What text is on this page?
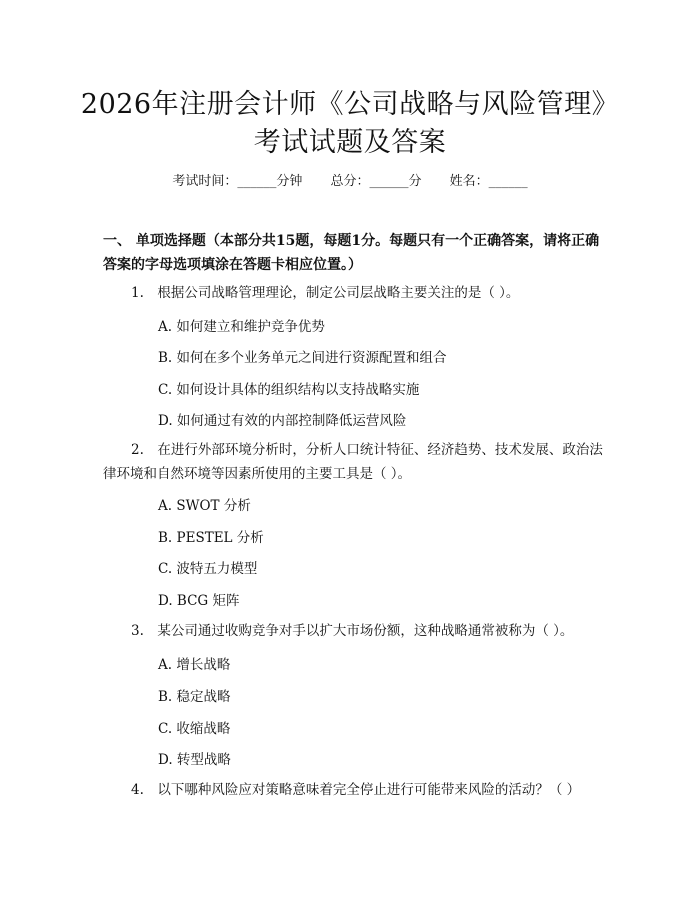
2026年注册会计师《公司战略与风险管理》
考试试题及答案
考试时间：______分钟 总分：______分 姓名：______
一、 单项选择题（本部分共15题，每题1分。每题只有一个正确答案，请将正确答案的字母选项填涂在答题卡相应位置。）
1.　根据公司战略管理理论，制定公司层战略主要关注的是（ ）。
A. 如何建立和维护竞争优势
B. 如何在多个业务单元之间进行资源配置和组合
C. 如何设计具体的组织结构以支持战略实施
D. 如何通过有效的内部控制降低运营风险
2.　在进行外部环境分析时，分析人口统计特征、经济趋势、技术发展、政治法律环境和自然环境等因素所使用的主要工具是（ ）。
A. SWOT 分析
B. PESTEL 分析
C. 波特五力模型
D. BCG 矩阵
3.　某公司通过收购竞争对手以扩大市场份额，这种战略通常被称为（ ）。
A. 增长战略
B. 稳定战略
C. 收缩战略
D. 转型战略
4.　以下哪种风险应对策略意味着完全停止进行可能带来风险的活动？（ ）
